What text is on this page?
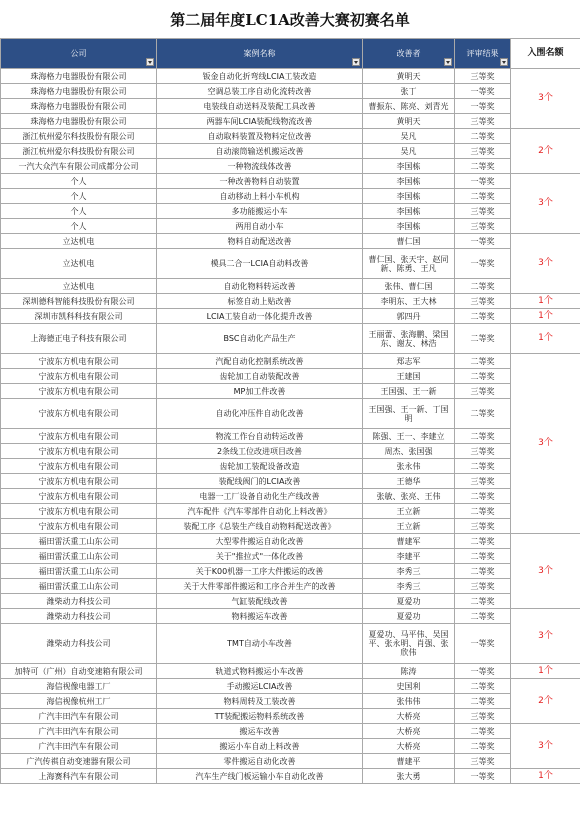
第二届年度LC1A改善大赛初赛名单
公司	案例名称	改善者	评审结果	入围名额	
珠海格力电器股份有限公司	钣金自动化折弯线LCIA工装改造	黄明天	三等奖	3个	
珠海格力电器股份有限公司	空调总装工序自动化流转改善	张丁	一等奖		
珠海格力电器股份有限公司	电装线自动送料及装配工具改善	曹振东、陈亮、刘青光	一等奖		
珠海格力电器股份有限公司	两器车间LCIA装配线物流改善	黄明天	三等奖		
浙江杭州爱尔科技股份有限公司	自动取料装置及物料定位改善	吴凡	二等奖	2个	
浙江杭州爱尔科技股份有限公司	自动滚筒输送机搬运改善	吴凡	三等奖		
一汽大众汽车有限公司成都分公司	一种物流线体改善	李国栋	二等奖		
个人	一种改善物料自动装置	李国栋	一等奖	3个	
个人	自动移动上料小车机构	李国栋	二等奖		
个人	多功能搬运小车	李国栋	三等奖		
个人	两用自动小车	李国栋	三等奖		
立达机电	物料自动配送改善	曹仁国	一等奖	3个	
立达机电	模具二合一LCIA自动料改善	曹仁国、张天宇、赵同新、陈勇、王凡	一等奖		
立达机电	自动化物料转运改善	张伟、曹仁国	二等奖		
深圳德科智能科技股份有限公司	标签自动上贴改善	李明东、王大林	三等奖	1个	
深圳市凯科科技有限公司	LCIA工装自动一体化提升改善	郭四丹	二等奖	1个	
上海德正电子科技有限公司	BSC自动化产品生产	王丽蕾、张海鹏、梁国东、谢友、林浩	二等奖	1个	
宁波东方机电有限公司	汽配自动化控制系统改善	郑志军	二等奖	3个	
宁波东方机电有限公司	齿轮加工自动装配改善	王建国	二等奖		
宁波东方机电有限公司	MP加工件改善	王国强、王一新	三等奖		
宁波东方机电有限公司	自动化冲压件自动化改善	王国强、王一新、丁国明	二等奖		
宁波东方机电有限公司	物流工作台自动转运改善	陈强、王一、李建立	二等奖		
宁波东方机电有限公司	2条线工位改进项目改善	周杰、张国强	三等奖		
宁波东方机电有限公司	齿轮加工装配设备改造	张永伟	二等奖		
宁波东方机电有限公司	装配线阀门的LCIA改善	王德华	三等奖		
宁波东方机电有限公司	电器一工厂设备自动化生产线改善	张敏、张亮、王伟	二等奖		
宁波东方机电有限公司	汽车配件《汽车零部件自动化上料改善》	王立新	二等奖		
宁波东方机电有限公司	装配工序《总装生产线自动物料配送改善》	王立新	三等奖		
福田雷沃重工山东公司	大型零件搬运自动化改善	曹建军	二等奖	3个	
福田雷沃重工山东公司	关于"推拉式"一体化改善	李建平	二等奖		
福田雷沃重工山东公司	关于K00机器一工序大件搬运的改善	李秀三	二等奖		
福田雷沃重工山东公司	关于大件零部件搬运和工序合并生产的改善	李秀三	三等奖		
潍柴动力科技公司	气缸装配线改善	夏爱功	二等奖		
潍柴动力科技公司	物料搬运车改善	夏爱功	二等奖	3个	
潍柴动力科技公司	TMT自动小车改善	夏爱功、马平伟、吴国平、张永明、肖强、张欣伟	一等奖		
加特可（广州）自动变速箱有限公司	轨道式物料搬运小车改善	陈涛	一等奖	1个	
海信视像电器工厂	手动搬运LCIA改善	史国利	二等奖	2个	
海信视像杭州工厂	物料周转及工装改善	张伟伟	二等奖		
广汽丰田汽车有限公司	TT装配搬运物料系统改善	大桥亮	三等奖		
广汽丰田汽车有限公司	搬运车改善	大桥亮	二等奖	3个	
广汽丰田汽车有限公司	搬运小车自动上料改善	大桥亮	二等奖		
广汽传祺自动变速器有限公司	零件搬运自动化改善	曹建平	三等奖	
上海赛科汽车有限公司	汽车生产线门板运输小车自动化改善	张大勇	一等奖	1个	
